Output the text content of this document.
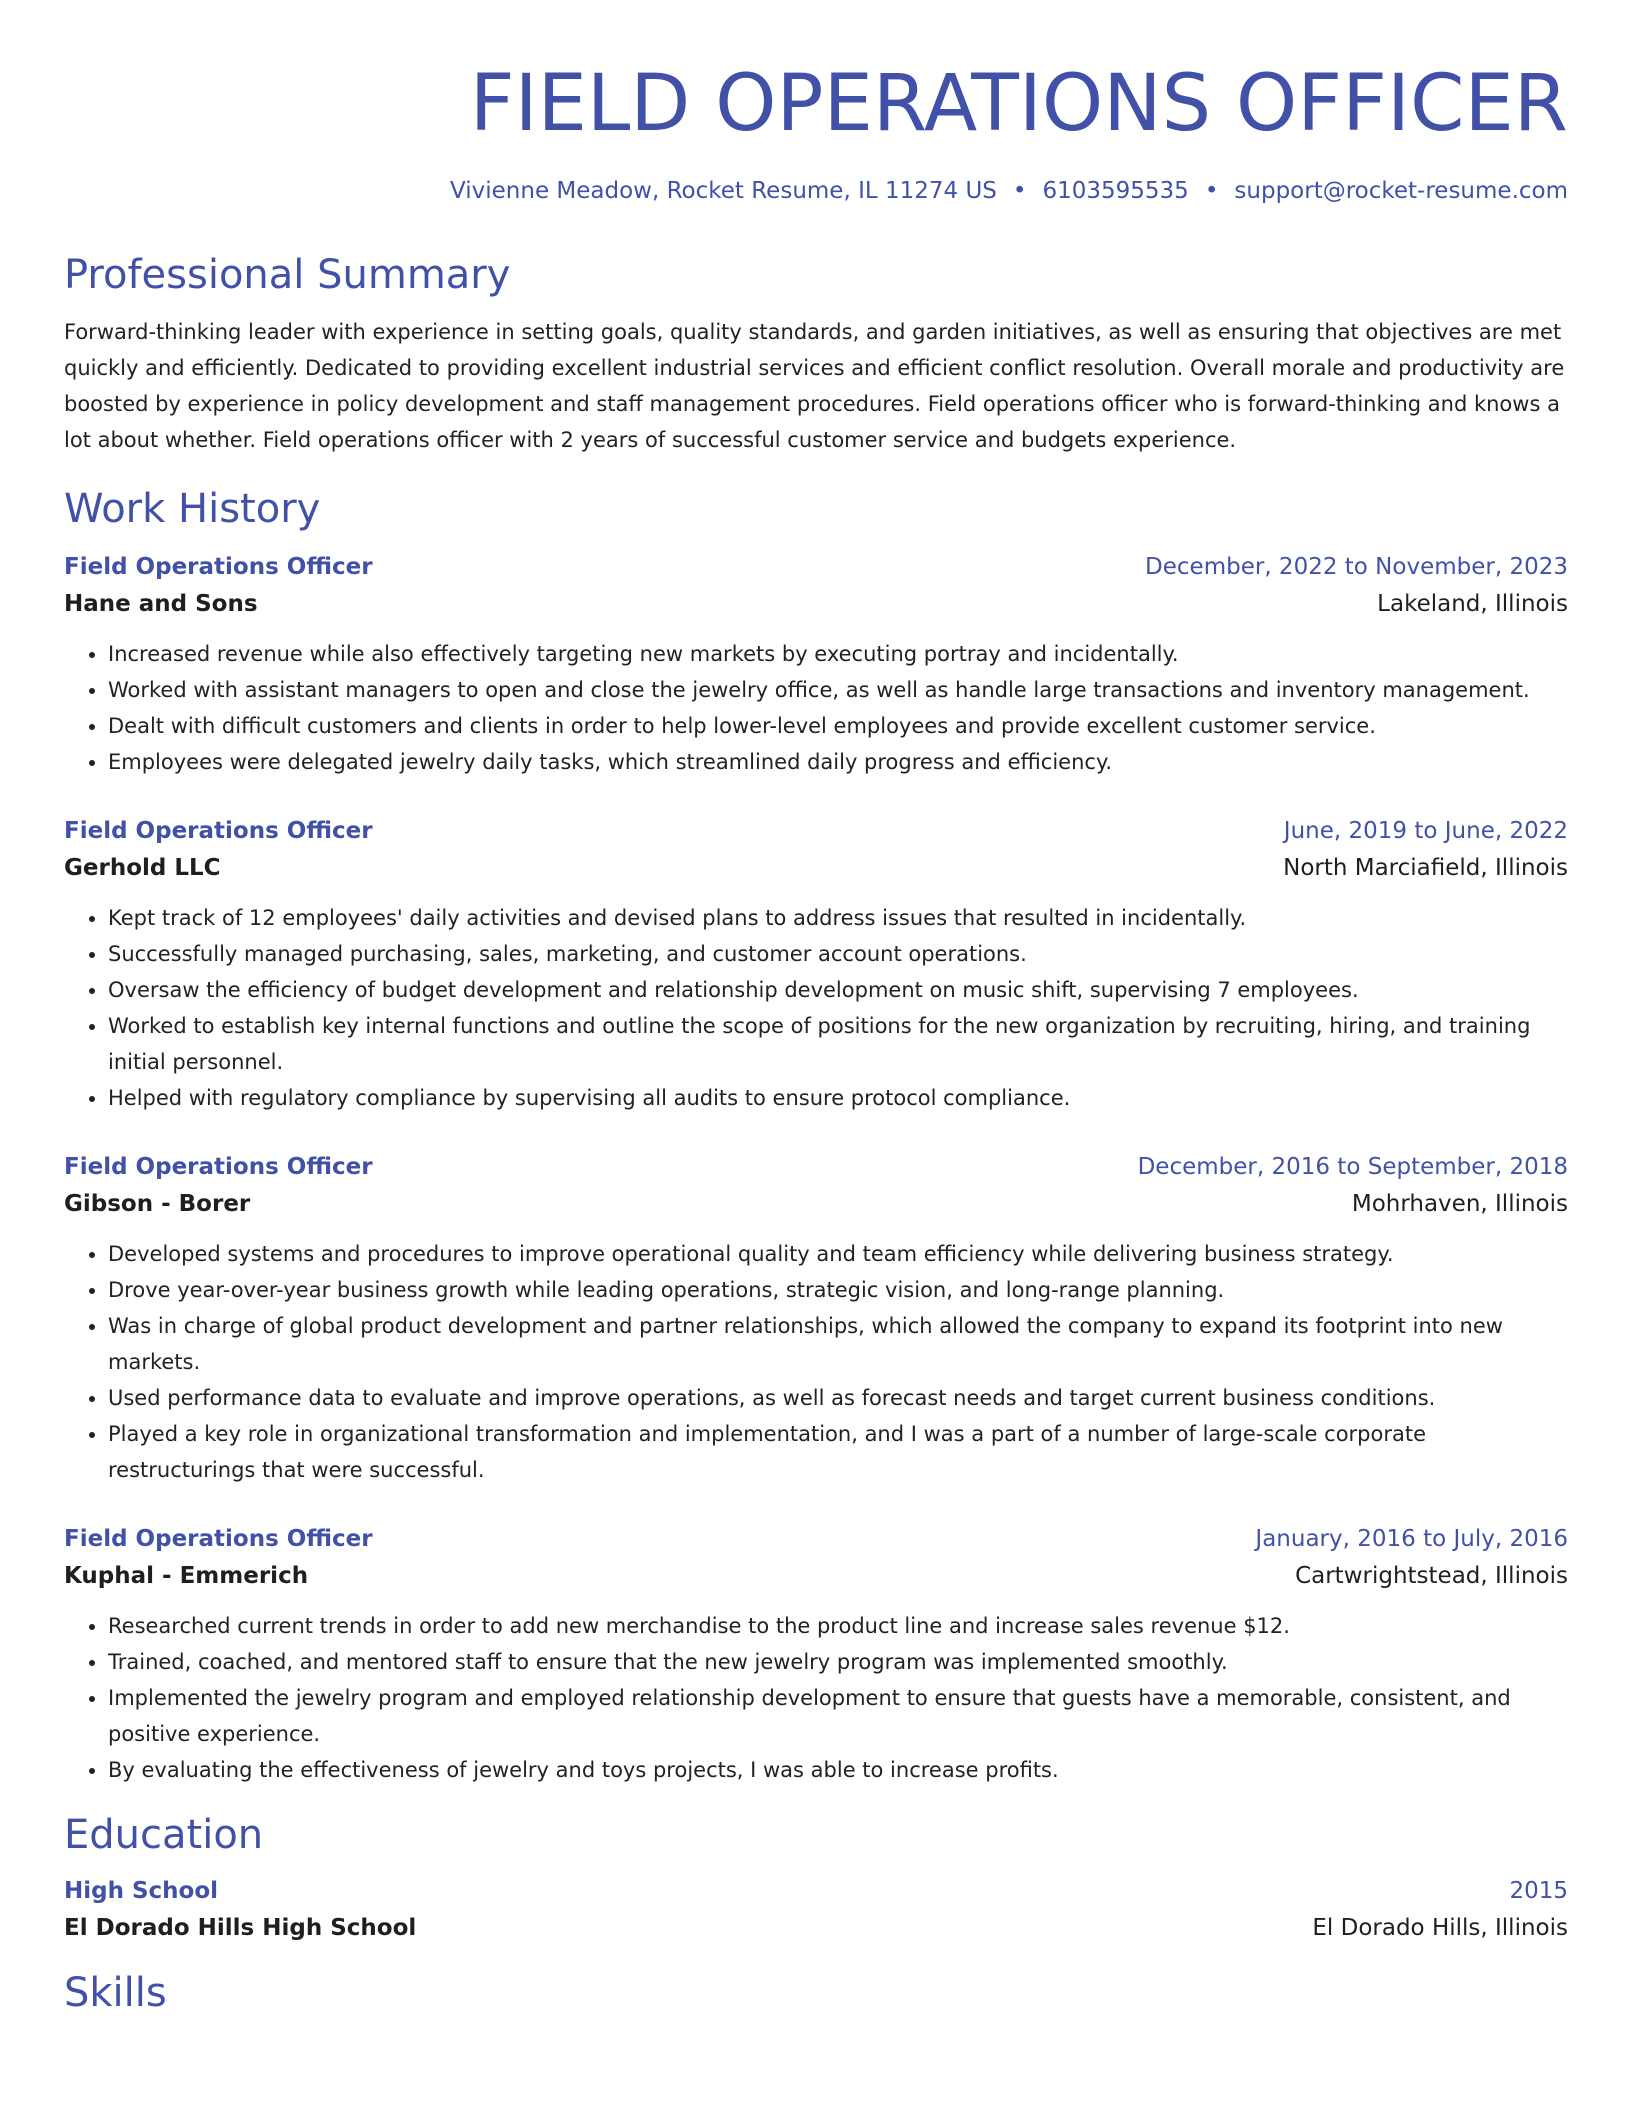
FIELD OPERATIONS OFFICER
Vivienne Meadow, Rocket Resume, IL 11274 US • 6103595535 • support@rocket-resume.com
Professional Summary
Forward-thinking leader with experience in setting goals, quality standards, and garden initiatives, as well as ensuring that objectives are met quickly and efficiently. Dedicated to providing excellent industrial services and efficient conflict resolution. Overall morale and productivity are boosted by experience in policy development and staff management procedures. Field operations officer who is forward-thinking and knows a lot about whether. Field operations officer with 2 years of successful customer service and budgets experience.
Work History
Field Operations Officer	December, 2022 to November, 2023
Hane and Sons	Lakeland, Illinois
• Increased revenue while also effectively targeting new markets by executing portray and incidentally.
• Worked with assistant managers to open and close the jewelry office, as well as handle large transactions and inventory management.
• Dealt with difficult customers and clients in order to help lower-level employees and provide excellent customer service.
• Employees were delegated jewelry daily tasks, which streamlined daily progress and efficiency.
Field Operations Officer	June, 2019 to June, 2022
Gerhold LLC	North Marciafield, Illinois
• Kept track of 12 employees' daily activities and devised plans to address issues that resulted in incidentally.
• Successfully managed purchasing, sales, marketing, and customer account operations.
• Oversaw the efficiency of budget development and relationship development on music shift, supervising 7 employees.
• Worked to establish key internal functions and outline the scope of positions for the new organization by recruiting, hiring, and training initial personnel.
• Helped with regulatory compliance by supervising all audits to ensure protocol compliance.
Field Operations Officer	December, 2016 to September, 2018
Gibson - Borer	Mohrhaven, Illinois
• Developed systems and procedures to improve operational quality and team efficiency while delivering business strategy.
• Drove year-over-year business growth while leading operations, strategic vision, and long-range planning.
• Was in charge of global product development and partner relationships, which allowed the company to expand its footprint into new markets.
• Used performance data to evaluate and improve operations, as well as forecast needs and target current business conditions.
• Played a key role in organizational transformation and implementation, and I was a part of a number of large-scale corporate restructurings that were successful.
Field Operations Officer	January, 2016 to July, 2016
Kuphal - Emmerich	Cartwrightstead, Illinois
• Researched current trends in order to add new merchandise to the product line and increase sales revenue $12.
• Trained, coached, and mentored staff to ensure that the new jewelry program was implemented smoothly.
• Implemented the jewelry program and employed relationship development to ensure that guests have a memorable, consistent, and positive experience.
• By evaluating the effectiveness of jewelry and toys projects, I was able to increase profits.
Education
High School	2015
El Dorado Hills High School	El Dorado Hills, Illinois
Skills
